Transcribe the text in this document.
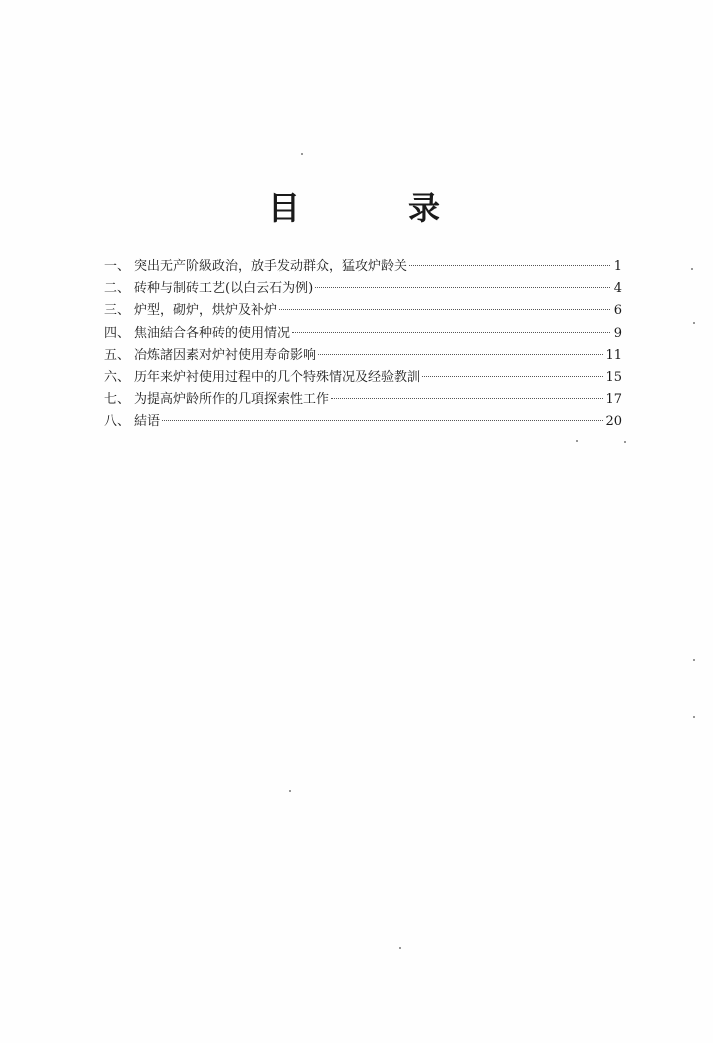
目	录
一、 突出无产阶級政治，放手发动群众，猛攻炉龄关	1
二、 砖种与制砖工艺(以白云石为例)	4
三、 炉型，砌炉，烘炉及补炉	6
四、 焦油結合各种砖的使用情况	9
五、 冶炼諸因素对炉衬使用寿命影响	11
六、 历年来炉衬使用过程中的几个特殊情况及经验教訓	15
七、 为提高炉龄所作的几項探索性工作	17
八、 結语	20
